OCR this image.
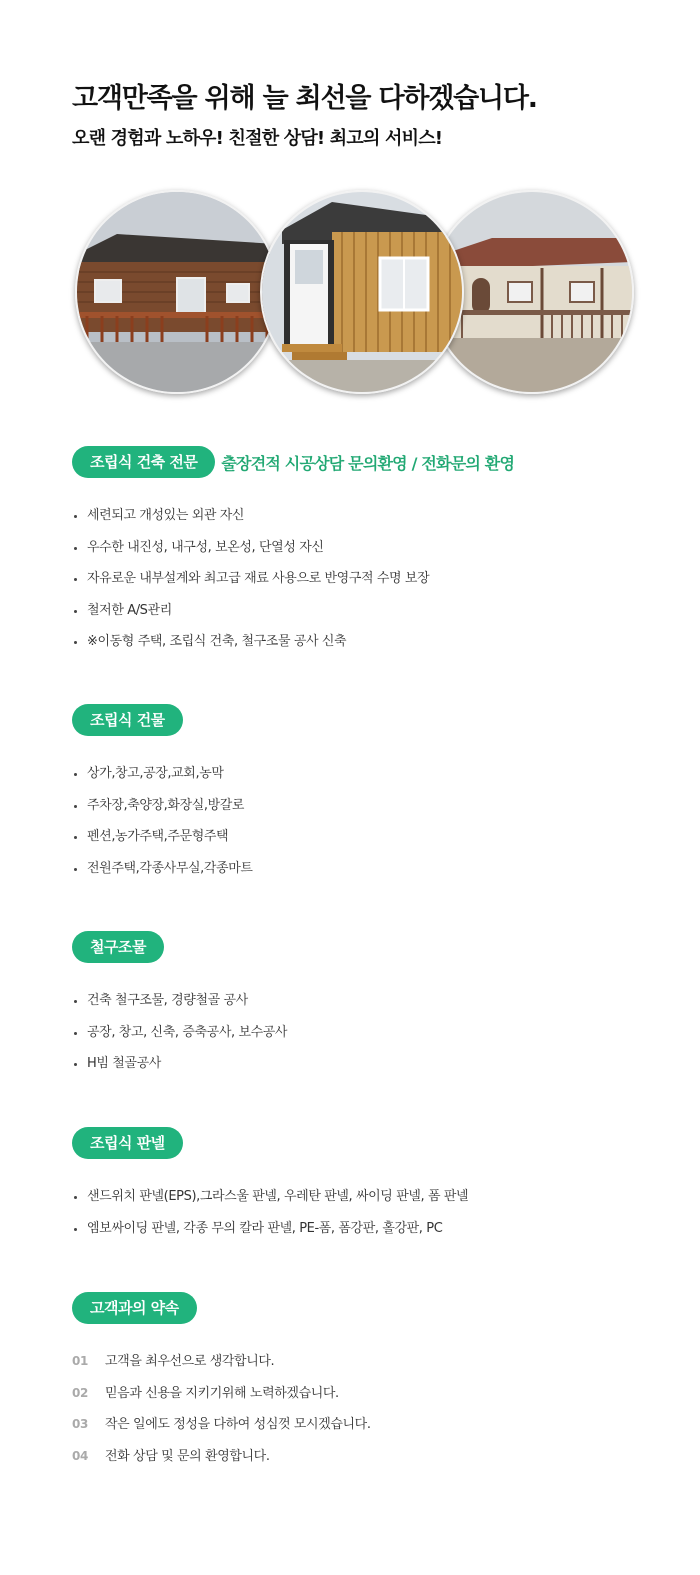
고객만족을 위해 늘 최선을 다하겠습니다.
오랜 경험과 노하우! 친절한 상담! 최고의 서비스!
조립식 건축 전문 출장견적 시공상담 문의환영 / 전화문의 환영
세련되고 개성있는 외관 자신
우수한 내진성, 내구성, 보온성, 단열성 자신
자유로운 내부설계와 최고급 재료 사용으로 반영구적 수명 보장
철저한 A/S관리
※이동형 주택, 조립식 건축, 철구조물 공사 신축
조립식 건물
상가,창고,공장,교회,농막
주차장,축양장,화장실,방갈로
펜션,농가주택,주문형주택
전원주택,각종사무실,각종마트
철구조물
건축 철구조물, 경량철골 공사
공장, 창고, 신축, 증축공사, 보수공사
H빔 철골공사
조립식 판넬
샌드위치 판넬(EPS),그라스울 판넬, 우레탄 판넬, 싸이딩 판넬, 폼 판넬
엠보싸이딩 판넬, 각종 무의 칼라 판넬, PE-폼, 폼강판, 홀강판, PC
고객과의 약속
01 고객을 최우선으로 생각합니다.
02 믿음과 신용을 지키기위해 노력하겠습니다.
03 작은 일에도 정성을 다하여 성심껏 모시겠습니다.
04 전화 상담 및 문의 환영합니다.
